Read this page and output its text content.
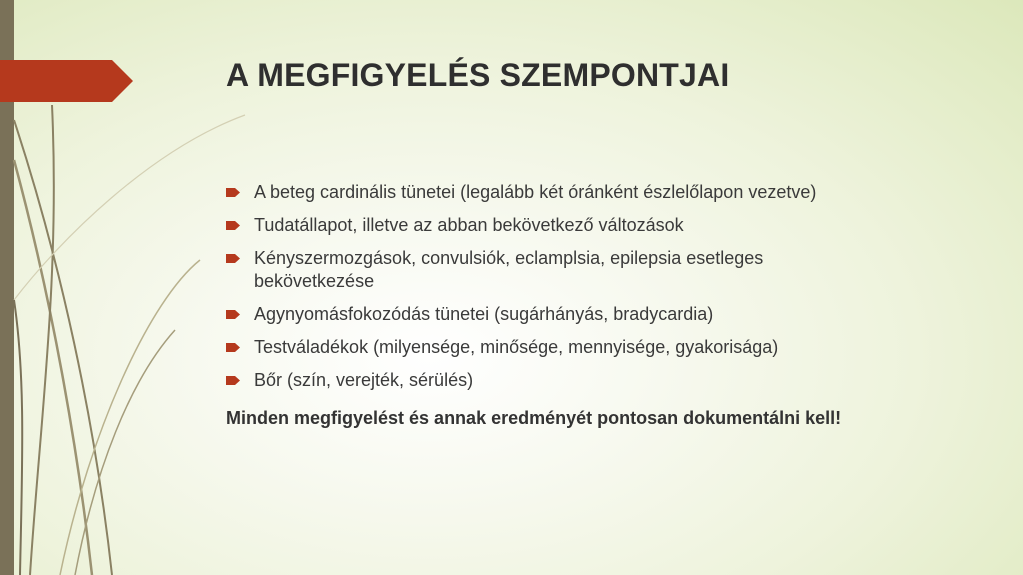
A MEGFIGYELÉS SZEMPONTJAI
A beteg cardinális tünetei (legalább két óránként észlelőlapon vezetve)
Tudatállapot, illetve az abban bekövetkező változások
Kényszermozgások, convulsiók, eclamplsia, epilepsia esetleges bekövetkezése
Agynyomásfokozódás tünetei (sugárhányás, bradycardia)
Testváladékok (milyensége, minősége, mennyisége, gyakorisága)
Bőr (szín, verejték, sérülés)

Minden megfigyelést és annak eredményét pontosan dokumentálni kell!
